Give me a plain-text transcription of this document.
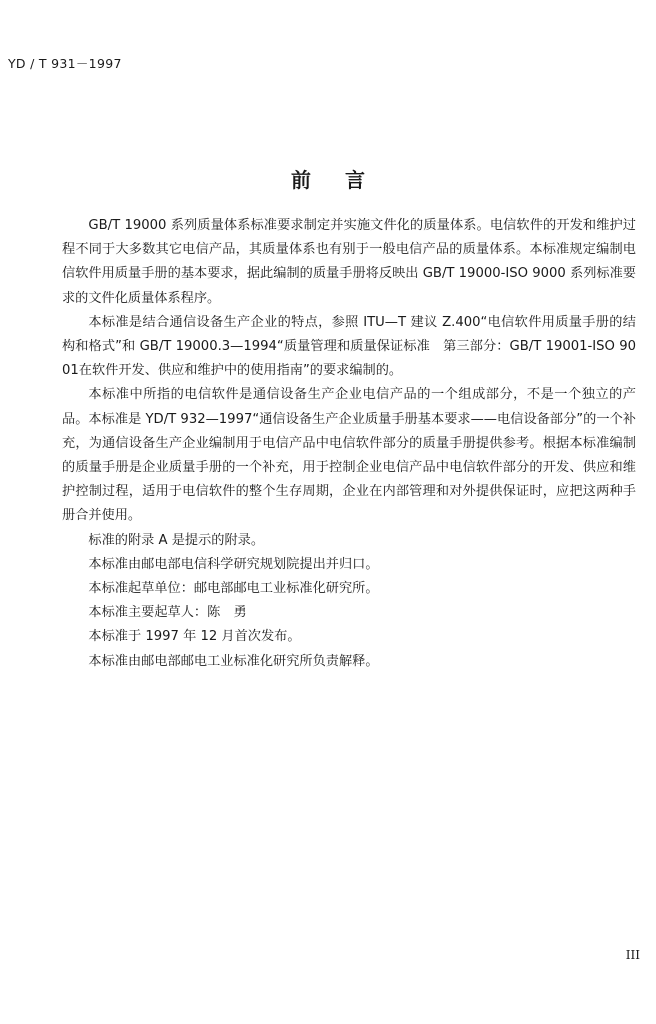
YD / T 931－1997
前言

GB/T 19000 系列质量体系标准要求制定并实施文件化的质量体系。电信软件的开发和维护过程不同于大多数其它电信产品，其质量体系也有别于一般电信产品的质量体系。本标准规定编制电信软件用质量手册的基本要求，据此编制的质量手册将反映出 GB/T 19000-ISO 9000 系列标准要求的文件化质量体系程序。

本标准是结合通信设备生产企业的特点，参照 ITU—T 建议 Z.400“电信软件用质量手册的结构和格式”和 GB/T 19000.3—1994“质量管理和质量保证标准　第三部分：GB/T 19001-ISO 9001在软件开发、供应和维护中的使用指南”的要求编制的。

本标准中所指的电信软件是通信设备生产企业电信产品的一个组成部分，不是一个独立的产品。本标准是 YD/T 932—1997“通信设备生产企业质量手册基本要求——电信设备部分”的一个补充，为通信设备生产企业编制用于电信产品中电信软件部分的质量手册提供参考。根据本标准编制的质量手册是企业质量手册的一个补充，用于控制企业电信产品中电信软件部分的开发、供应和维护控制过程，适用于电信软件的整个生存周期，企业在内部管理和对外提供保证时，应把这两种手册合并使用。

标准的附录 A 是提示的附录。

本标准由邮电部电信科学研究规划院提出并归口。

本标准起草单位：邮电部邮电工业标准化研究所。

本标准主要起草人：陈　勇

本标准于 1997 年 12 月首次发布。

本标准由邮电部邮电工业标准化研究所负责解释。

III
